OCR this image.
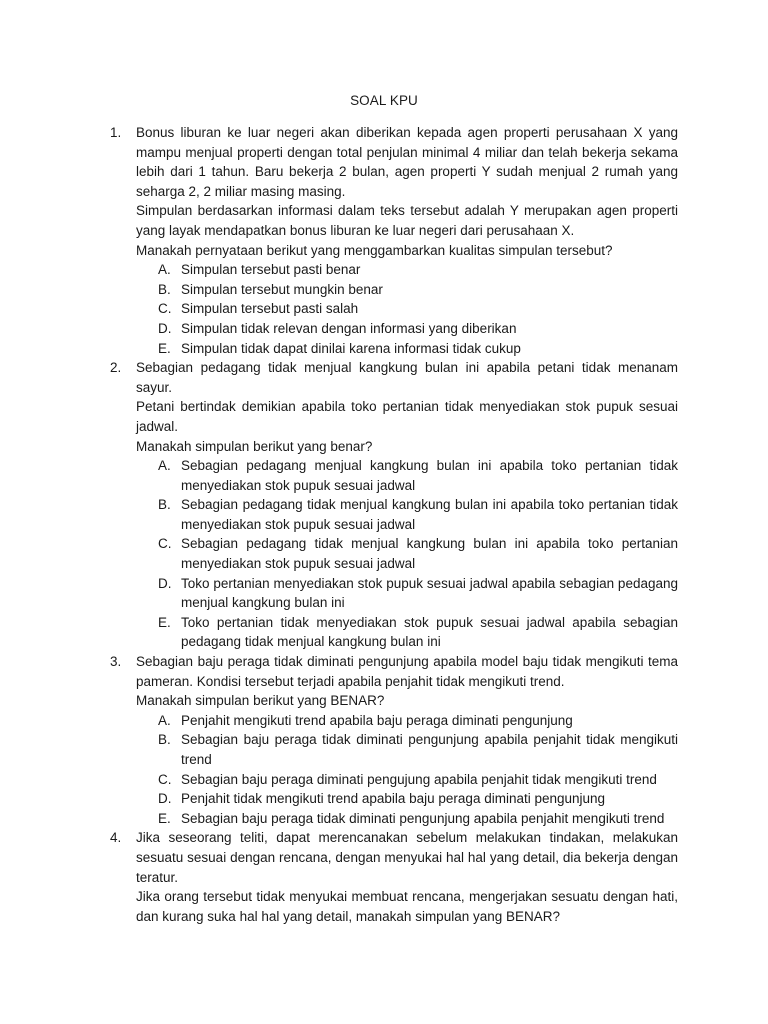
SOAL KPU
1. Bonus liburan ke luar negeri akan diberikan kepada agen properti perusahaan X yang mampu menjual properti dengan total penjulan minimal 4 miliar dan telah bekerja sekama lebih dari 1 tahun. Baru bekerja 2 bulan, agen properti Y sudah menjual 2 rumah yang seharga 2, 2 miliar masing masing.
Simpulan berdasarkan informasi dalam teks tersebut adalah Y merupakan agen properti yang layak mendapatkan bonus liburan ke luar negeri dari perusahaan X.
Manakah pernyataan berikut yang menggambarkan kualitas simpulan tersebut?
A. Simpulan tersebut pasti benar
B. Simpulan tersebut mungkin benar
C. Simpulan tersebut pasti salah
D. Simpulan tidak relevan dengan informasi yang diberikan
E. Simpulan tidak dapat dinilai karena informasi tidak cukup
2. Sebagian pedagang tidak menjual kangkung bulan ini apabila petani tidak menanam sayur.
Petani bertindak demikian apabila toko pertanian tidak menyediakan stok pupuk sesuai jadwal.
Manakah simpulan berikut yang benar?
A. Sebagian pedagang menjual kangkung bulan ini apabila toko pertanian tidak menyediakan stok pupuk sesuai jadwal
B. Sebagian pedagang tidak menjual kangkung bulan ini apabila toko pertanian tidak menyediakan stok pupuk sesuai jadwal
C. Sebagian pedagang tidak menjual kangkung bulan ini apabila toko pertanian menyediakan stok pupuk sesuai jadwal
D. Toko pertanian menyediakan stok pupuk sesuai jadwal apabila sebagian pedagang menjual kangkung bulan ini
E. Toko pertanian tidak menyediakan stok pupuk sesuai jadwal apabila sebagian pedagang tidak menjual kangkung bulan ini
3. Sebagian baju peraga tidak diminati pengunjung apabila model baju tidak mengikuti tema pameran. Kondisi tersebut terjadi apabila penjahit tidak mengikuti trend.
Manakah simpulan berikut yang BENAR?
A. Penjahit mengikuti trend apabila baju peraga diminati pengunjung
B. Sebagian baju peraga tidak diminati pengunjung apabila penjahit tidak mengikuti trend
C. Sebagian baju peraga diminati pengujung apabila penjahit tidak mengikuti trend
D. Penjahit tidak mengikuti trend apabila baju peraga diminati pengunjung
E. Sebagian baju peraga tidak diminati pengunjung apabila penjahit mengikuti trend
4. Jika seseorang teliti, dapat merencanakan sebelum melakukan tindakan, melakukan sesuatu sesuai dengan rencana, dengan menyukai hal hal yang detail, dia bekerja dengan teratur.
Jika orang tersebut tidak menyukai membuat rencana, mengerjakan sesuatu dengan hati, dan kurang suka hal hal yang detail, manakah simpulan yang BENAR?
